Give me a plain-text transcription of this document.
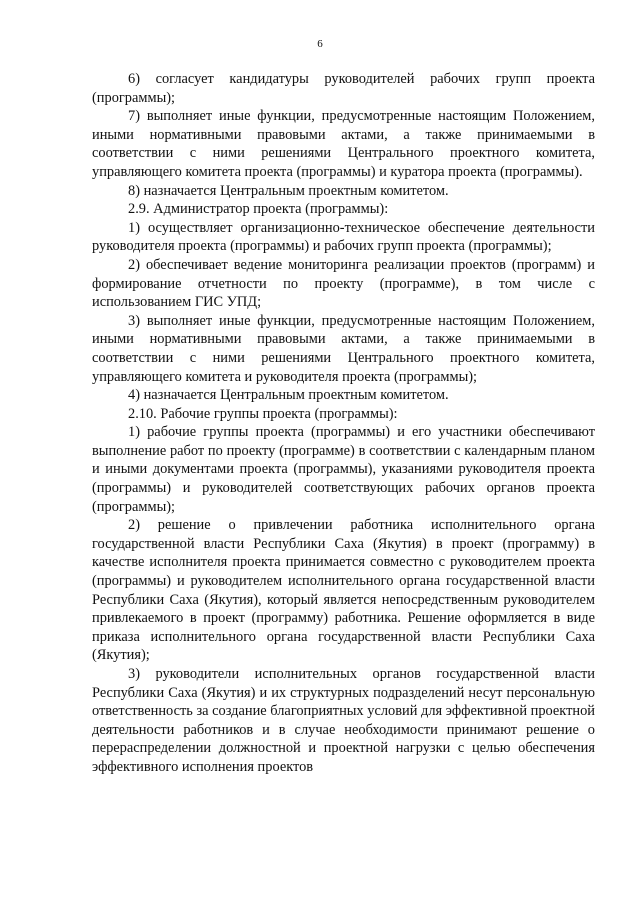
6

6) согласует кандидатуры руководителей рабочих групп проекта (программы);

7) выполняет иные функции, предусмотренные настоящим Положением, иными нормативными правовыми актами, а также принимаемыми в соответствии с ними решениями Центрального проектного комитета, управляющего комитета проекта (программы) и куратора проекта (программы).

8) назначается Центральным проектным комитетом.

2.9. Администратор проекта (программы):

1) осуществляет организационно-техническое обеспечение деятельности руководителя проекта (программы) и рабочих групп проекта (программы);

2) обеспечивает ведение мониторинга реализации проектов (программ) и формирование отчетности по проекту (программе), в том числе с использованием ГИС УПД;

3) выполняет иные функции, предусмотренные настоящим Положением, иными нормативными правовыми актами, а также принимаемыми в соответствии с ними решениями Центрального проектного комитета, управляющего комитета и руководителя проекта (программы);

4) назначается Центральным проектным комитетом.

2.10. Рабочие группы проекта (программы):

1) рабочие группы проекта (программы) и его участники обеспечивают выполнение работ по проекту (программе) в соответствии с календарным планом и иными документами проекта (программы), указаниями руководителя проекта (программы) и руководителей соответствующих рабочих органов проекта (программы);

2) решение о привлечении работника исполнительного органа государственной власти Республики Саха (Якутия) в проект (программу) в качестве исполнителя проекта принимается совместно с руководителем проекта (программы) и руководителем исполнительного органа государственной власти Республики Саха (Якутия), который является непосредственным руководителем привлекаемого в проект (программу) работника. Решение оформляется в виде приказа исполнительного органа государственной власти Республики Саха (Якутия);

3) руководители исполнительных органов государственной власти Республики Саха (Якутия) и их структурных подразделений несут персональную ответственность за создание благоприятных условий для эффективной проектной деятельности работников и в случае необходимости принимают решение о перераспределении должностной и проектной нагрузки с целью обеспечения эффективного исполнения проектов
